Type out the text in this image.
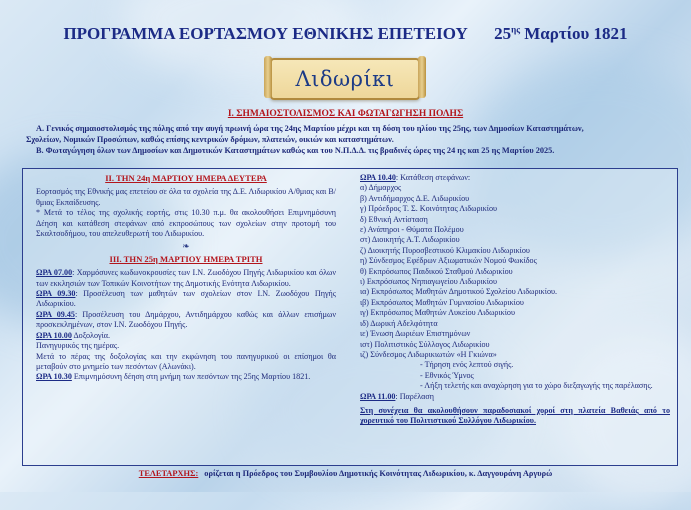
ΠΡΟΓΡΑΜΜΑ ΕΟΡΤΑΣΜΟΥ ΕΘΝΙΚΗΣ ΕΠΕΤΕΙΟΥ $25^{\eta\varsigma}$ Μαρτίου 1821
Λιδωρίκι
Ι. ΣΗΜΑΙΟΣΤΟΛΙΣΜΟΣ ΚΑΙ ΦΩΤΑΓΩΓΗΣΗ ΠΟΛΗΣ

Α. Γενικός σημαιοστολισμός της πόλης από την αυγή πρωινή ώρα της 24ης Μαρτίου μέχρι και τη δύση του ηλίου της 25ης, των Δημοσίων Καταστημάτων,

Σχολείων, Νομικών Προσώπων, καθώς επίσης κεντρικών δρόμων, πλατειών, οικιών και καταστημάτων.

Β. Φωταγώγηση όλων των Δημοσίων και Δημοτικών Καταστημάτων καθώς και του Ν.Π.Δ.Δ. τις βραδινές ώρες της 24 ης και 25 ης Μαρτίου 2025.

ΙΙ. ΤΗΝ 24η ΜΑΡΤΙΟΥ ΗΜΕΡΑ ΔΕΥΤΕΡΑ

Εορτασμός της Εθνικής μας επετείου σε όλα τα σχολεία της Δ.Ε. Λιδωρικίου Α/θμιας και Β/θμιας Εκπαίδευσης.

* Μετά το τέλος της σχολικής εορτής, στις 10.30 π.μ. θα ακολουθήσει Επιμνημόσυνη Δέηση και κατάθεση στεφάνων από εκπροσώπους των σχολείων στην προτομή του Σκαλτσοδήμου, του απελευθερωτή του Λιδωρικίου.

❧

ΙΙΙ. ΤΗΝ 25η ΜΑΡΤΙΟΥ ΗΜΕΡΑ ΤΡΙΤΗ

ΩΡΑ 07.00: Χαρμόσυνες κωδωνοκρουσίες των Ι.Ν. Ζωοδόχου Πηγής Λιδωρικίου και όλων των εκκλησιών των Τοπικών Κοινοτήτων της Δημοτικής Ενότητα Λιδωρικίου.

ΩΡΑ 09.30: Προσέλευση των μαθητών των σχολείων στον Ι.Ν. Ζωοδόχου Πηγής Λιδωρικίου.

ΩΡΑ 09.45: Προσέλευση του Δημάρχου, Αντιδημάρχου καθώς και άλλων επισήμων προσκεκλημένων, στον Ι.Ν. Ζωοδόχου Πηγής.

ΩΡΑ 10.00 Δοξολογία.

Πανηγυρικός της ημέρας.

Μετά το πέρας της δοξολογίας και την εκφώνηση του πανηγυρικού οι επίσημοι θα μεταβούν στο μνημείο των πεσόντων (Αλωνάκι).

ΩΡΑ 10.30 Επιμνημόσυνη δέηση στη μνήμη των πεσόντων της 25ης Μαρτίου 1821.

ΩΡΑ 10.40: Κατάθεση στεφάνων:

α) Δήμαρχος

β) Αντιδήμαρχος Δ.Ε. Λιδωρικίου

γ) Πρόεδρος Τ. Σ. Κοινότητας Λιδωρικίου

δ) Εθνική Αντίσταση

ε) Ανάπηροι - Θύματα Πολέμου

στ) Διοικητής Α.Τ. Λιδωρικίου

ζ) Διοικητής Πυροσβεστικού Κλιμακίου Λιδωρικίου

η) Σύνδεσμος Εφέδρων Αξιωματικών Νομού Φωκίδος

θ) Εκπρόσωπος Παιδικού Σταθμού Λιδωρικίου

ι) Εκπρόσωπος Νηπιαγωγείου Λιδωρικίου

ια) Εκπρόσωπος Μαθητών Δημοτικού Σχολείου Λιδωρικίου.

ιβ) Εκπρόσωπος Μαθητών Γυμνασίου Λιδωρικίου

ιγ) Εκπρόσωπος Μαθητών Λυκείου Λιδωρικίου

ιδ) Δωρική Αδελφότητα

ιε) Ένωση Δωριέων Επιστημόνων

ιστ) Πολιτιστικός Σύλλογος Λιδωρικίου

ιζ) Σύνδεσμος Λιδωρικιωτών «Η Γκιώνα»

- Τήρηση ενός λεπτού σιγής.

- Εθνικός Ύμνος

- Λήξη τελετής και αναχώρηση για το χώρο διεξαγωγής της παρέλασης.

ΩΡΑ 11.00: Παρέλαση

Στη συνέχεια θα ακολουθήσουν παραδοσιακοί χοροί στη πλατεία Βαθειάς από το χορευτικό του Πολιτιστικού Συλλόγου Λιδωρικίου.

ΤΕΛΕΤΑΡΧΗΣ: ορίζεται η Πρόεδρος του Συμβουλίου Δημοτικής Κοινότητας Λιδωρικίου, κ. Δαγγουράνη Αργυρώ
